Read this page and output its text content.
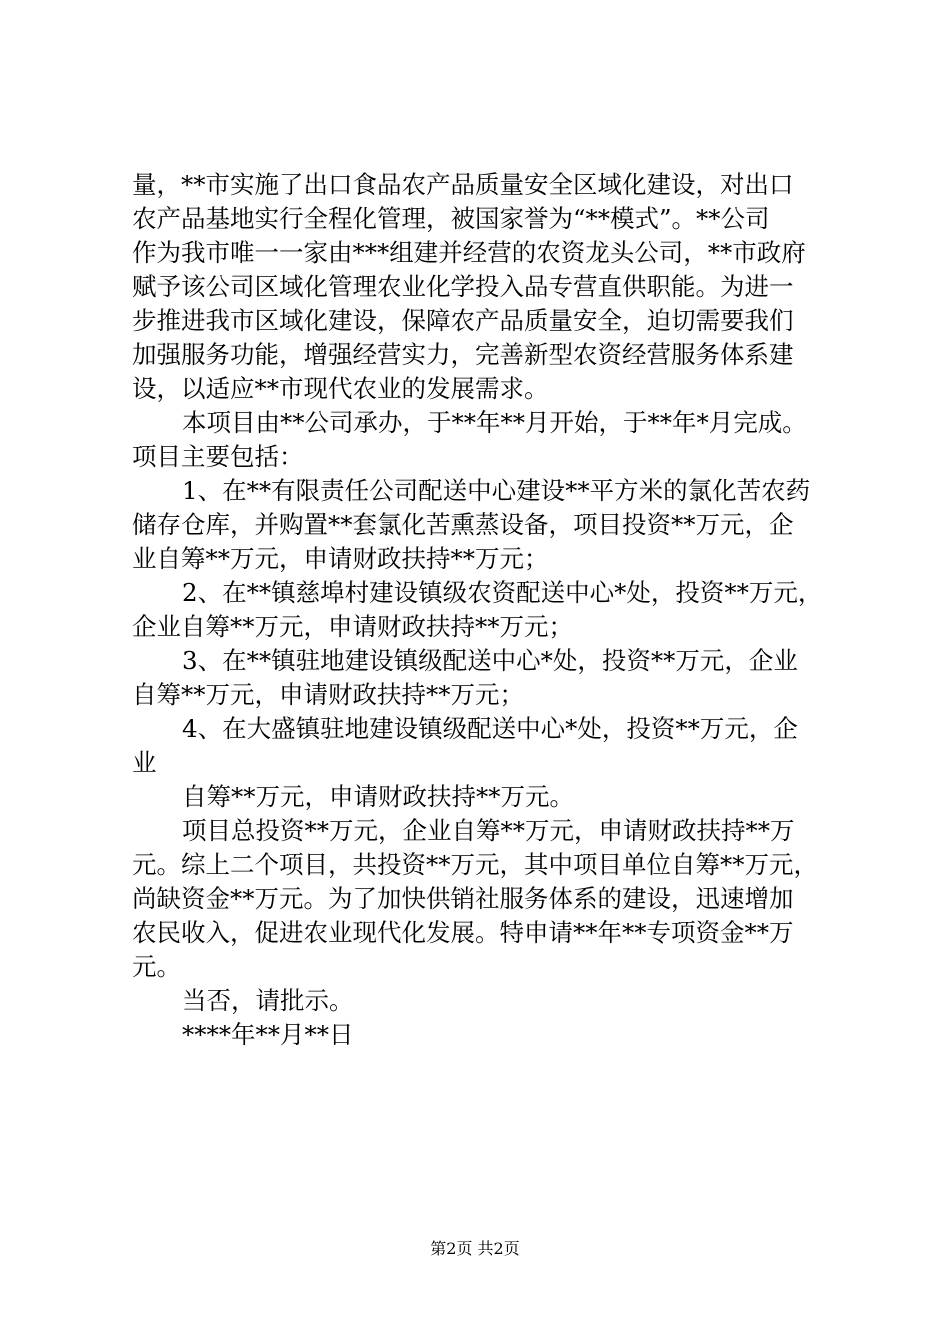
量，**市实施了出口食品农产品质量安全区域化建设，对出口
农产品基地实行全程化管理，被国家誉为“**模式”。**公司
作为我市唯一一家由***组建并经营的农资龙头公司，**市政府
赋予该公司区域化管理农业化学投入品专营直供职能。为进一
步推进我市区域化建设，保障农产品质量安全，迫切需要我们
加强服务功能，增强经营实力，完善新型农资经营服务体系建
设，以适应**市现代农业的发展需求。
本项目由**公司承办，于**年**月开始，于**年*月完成。
项目主要包括：
1、在**有限责任公司配送中心建设**平方米的氯化苦农药
储存仓库，并购置**套氯化苦熏蒸设备，项目投资**万元，企
业自筹**万元，申请财政扶持**万元；
2、在**镇慈埠村建设镇级农资配送中心*处，投资**万元，
企业自筹**万元，申请财政扶持**万元；
3、在**镇驻地建设镇级配送中心*处，投资**万元，企业
自筹**万元，申请财政扶持**万元；
4、在大盛镇驻地建设镇级配送中心*处，投资**万元，企
业
自筹**万元，申请财政扶持**万元。
项目总投资**万元，企业自筹**万元，申请财政扶持**万
元。综上二个项目，共投资**万元，其中项目单位自筹**万元，
尚缺资金**万元。为了加快供销社服务体系的建设，迅速增加
农民收入，促进农业现代化发展。特申请**年**专项资金**万
元。
当否，请批示。
****年**月**日
第2页 共2页
